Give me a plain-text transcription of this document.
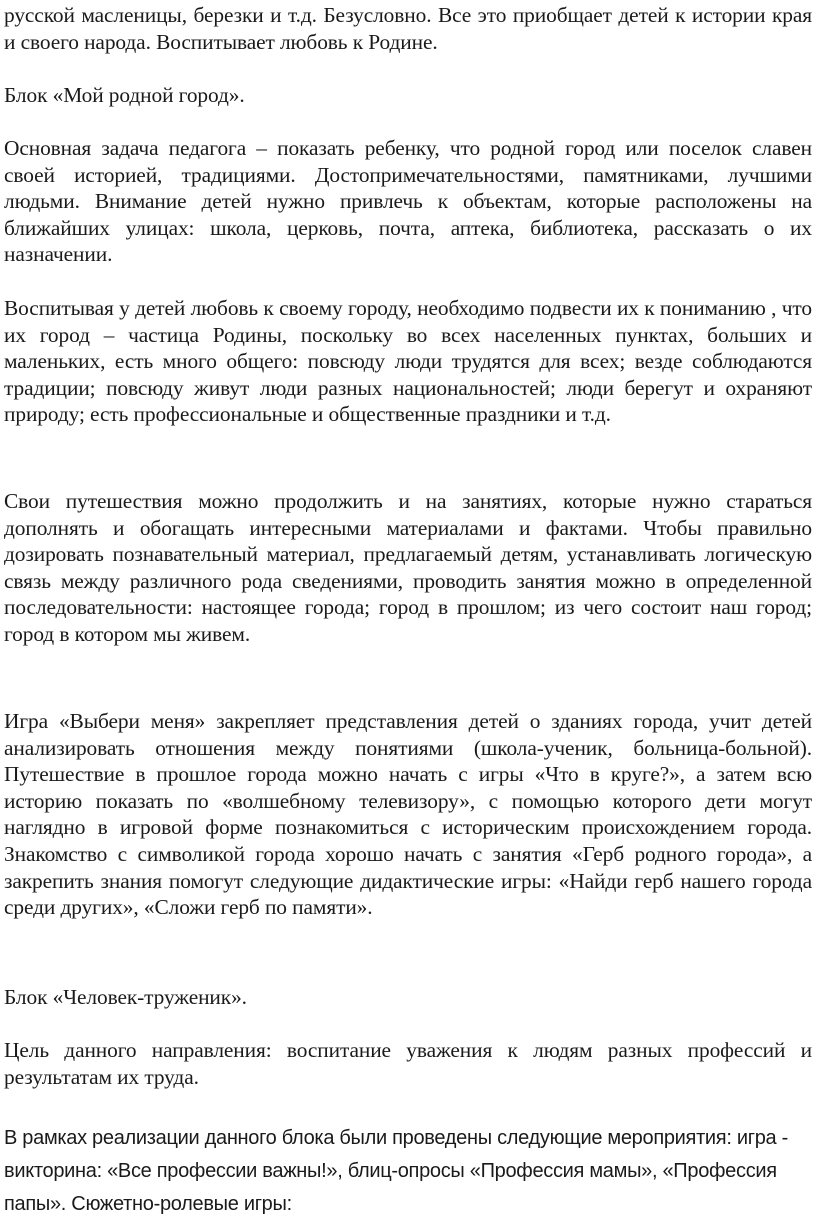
русской масленицы, березки и т.д. Безусловно. Все это приобщает детей к истории края и своего народа. Воспитывает любовь к Родине.

Блок «Мой родной город».

Основная задача педагога – показать ребенку, что родной город или поселок славен своей историей, традициями. Достопримечательностями, памятниками, лучшими людьми. Внимание детей нужно привлечь к объектам, которые расположены на ближайших улицах: школа, церковь, почта, аптека, библиотека, рассказать о их назначении.

Воспитывая у детей любовь к своему городу, необходимо подвести их к пониманию , что их город – частица Родины, поскольку во всех населенных пунктах, больших и маленьких, есть много общего: повсюду люди трудятся для всех; везде соблюдаются традиции; повсюду живут люди разных национальностей; люди берегут и охраняют природу; есть профессиональные и общественные праздники и т.д.

Свои путешествия можно продолжить и на занятиях, которые нужно стараться дополнять и обогащать интересными материалами и фактами. Чтобы правильно дозировать познавательный материал, предлагаемый детям, устанавливать логическую связь между различного рода сведениями, проводить занятия можно в определенной последовательности: настоящее города; город в прошлом; из чего состоит наш город; город в котором мы живем.

Игра «Выбери меня» закрепляет представления детей о зданиях города, учит детей анализировать отношения между понятиями (школа-ученик, больница-больной). Путешествие в прошлое города можно начать с игры «Что в круге?», а затем всю историю показать по «волшебному телевизору», с помощью которого дети могут наглядно в игровой форме познакомиться с историческим происхождением города. Знакомство с символикой города хорошо начать с занятия «Герб родного города», а закрепить знания помогут следующие дидактические игры: «Найди герб нашего города среди других», «Сложи герб по памяти».

Блок «Человек-труженик».

Цель данного направления: воспитание уважения к людям разных профессий и результатам их труда.

В рамках реализации данного блока были проведены следующие мероприятия: игра - викторина: «Все профессии важны!», блиц-опросы «Профессия мамы», «Профессия папы». Сюжетно-ролевые игры:
